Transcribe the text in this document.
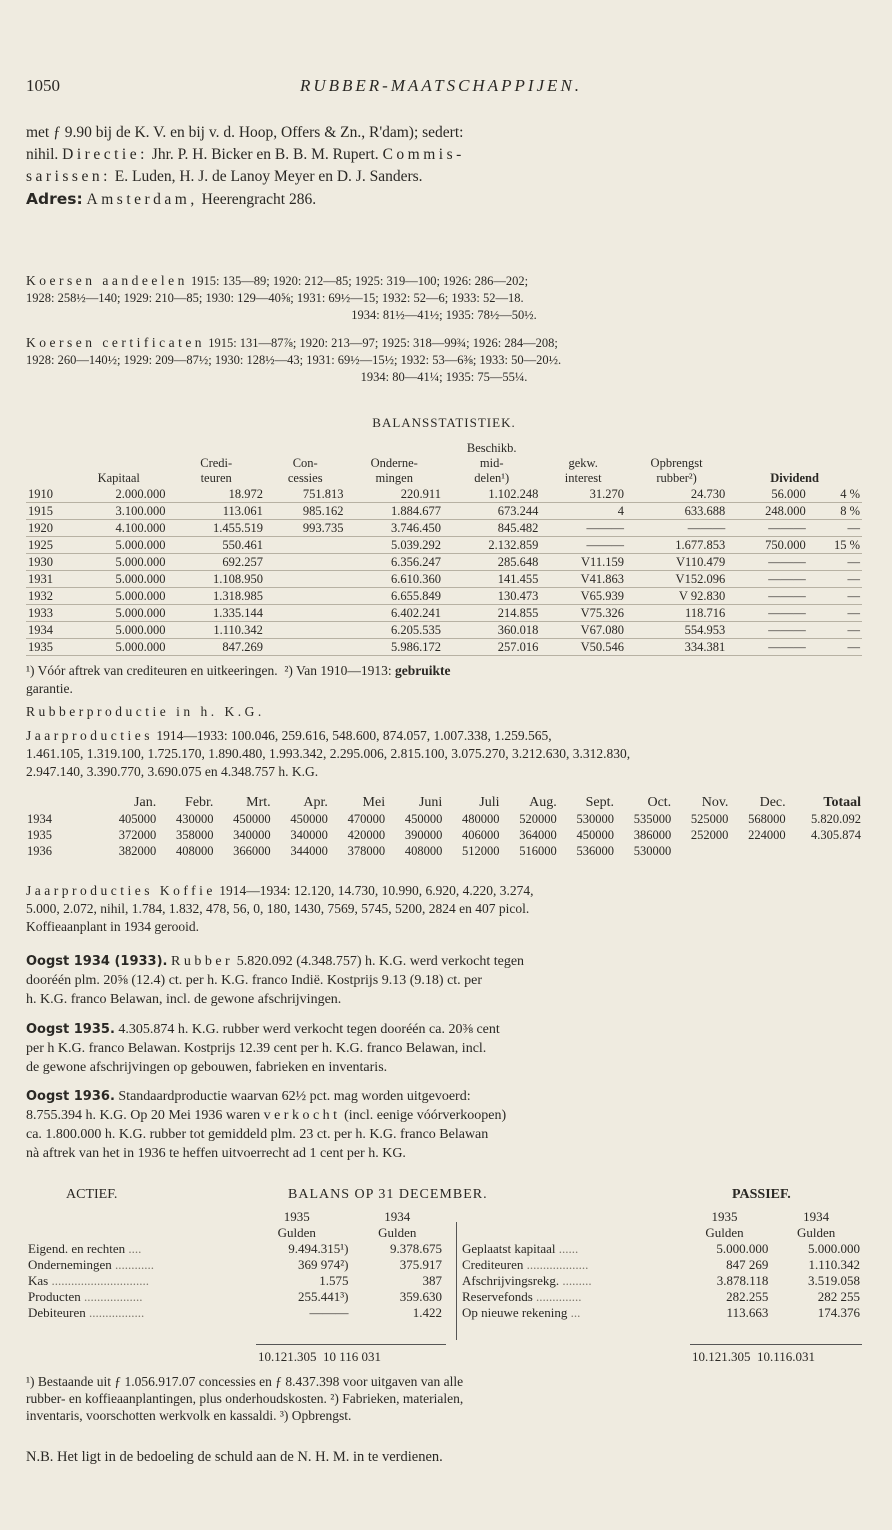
1050	RUBBER-MAATSCHAPPIJEN.

met ƒ 9.90 bij de K. V. en bij v. d. Hoop, Offers & Zn., R'dam); sedert:

nihil. Directie: Jhr. P. H. Bicker en B. B. M. Rupert. Commis-

sarissen: E. Luden, H. J. de Lanoy Meyer en D. J. Sanders.

Adres: Amsterdam, Heerengracht 286.

Koersen aandeelen 1915: 135—89; 1920: 212—85; 1925: 319—100; 1926: 286—202;

1928: 258½—140; 1929: 210—85; 1930: 129—40⅝; 1931: 69½—15; 1932: 52—6; 1933: 52—18.

1934: 81½—41½; 1935: 78½—50½.

Koersen certificaten 1915: 131—87⅞; 1920: 213—97; 1925: 318—99¾; 1926: 284—208;

1928: 260—140½; 1929: 209—87½; 1930: 128½—43; 1931: 69½—15½; 1932: 53—6⅜; 1933: 50—20½.

1934: 80—41¼; 1935: 75—55¼.

BALANSSTATISTIEK.
					Beschikb.				
		Credi-	Con-	Onderne-	mid-	gekw.	Opbrengst		
	Kapitaal	teuren	cessies	mingen	delen¹)	interest	rubber²)	Dividend	
1910	2.000.000	18.972	751.813	220.911	1.102.248	31.270	24.730	56.000	4 %
1915	3.100.000	113.061	985.162	1.884.677	673.244	4	633.688	248.000	8 %
1920	4.100.000	1.455.519	993.735	3.746.450	845.482	———	———	———	—
1925	5.000.000	550.461		5.039.292	2.132.859	———	1.677.853	750.000	15 %
1930	5.000.000	692.257		6.356.247	285.648	V11.159	V110.479	———	—
1931	5.000.000	1.108.950		6.610.360	141.455	V41.863	V152.096	———	—
1932	5.000.000	1.318.985		6.655.849	130.473	V65.939	V 92.830	———	—
1933	5.000.000	1.335.144		6.402.241	214.855	V75.326	118.716	———	—
1934	5.000.000	1.110.342		6.205.535	360.018	V67.080	554.953	———	—
1935	5.000.000	847.269		5.986.172	257.016	V50.546	334.381	———	—
¹) Vóór aftrek van crediteuren en uitkeeringen. ²) Van 1910—1913: gebruikte
garantie.

Rubberproductie in h. K.G.

Jaarproducties 1914—1933: 100.046, 259.616, 548.600, 874.057, 1.007.338, 1.259.565,

1.461.105, 1.319.100, 1.725.170, 1.890.480, 1.993.342, 2.295.006, 2.815.100, 3.075.270, 3.212.630, 3.312.830,

2.947.140, 3.390.770, 3.690.075 en 4.348.757 h. K.G.

	Jan.	Febr.	Mrt.	Apr.	Mei	Juni	Juli	Aug.	Sept.	Oct.	Nov.	Dec.	Totaal
1934	405000	430000	450000	450000	470000	450000	480000	520000	530000	535000	525000	568000	5.820.092
1935	372000	358000	340000	340000	420000	390000	406000	364000	450000	386000	252000	224000	4.305.874
1936	382000	408000	366000	344000	378000	408000	512000	516000	536000	530000			

Jaarproducties Koffie 1914—1934: 12.120, 14.730, 10.990, 6.920, 4.220, 3.274,

5.000, 2.072, nihil, 1.784, 1.832, 478, 56, 0, 180, 1430, 7569, 5745, 5200, 2824 en 407 picol.

Koffieaanplant in 1934 gerooid.

Oogst 1934 (1933). Rubber 5.820.092 (4.348.757) h. K.G. werd verkocht tegen

dooréén plm. 20⅝ (12.4) ct. per h. K.G. franco Indië. Kostprijs 9.13 (9.18) ct. per

h. K.G. franco Belawan, incl. de gewone afschrijvingen.

Oogst 1935. 4.305.874 h. K.G. rubber werd verkocht tegen dooréén ca. 20⅜ cent

per h K.G. franco Belawan. Kostprijs 12.39 cent per h. K.G. franco Belawan, incl.

de gewone afschrijvingen op gebouwen, fabrieken en inventaris.

Oogst 1936. Standaardproductie waarvan 62½ pct. mag worden uitgevoerd:

8.755.394 h. K.G. Op 20 Mei 1936 waren verkocht (incl. eenige vóórverkoopen)

ca. 1.800.000 h. K.G. rubber tot gemiddeld plm. 23 ct. per h. K.G. franco Belawan

nà aftrek van het in 1936 te heffen uitvoerrecht ad 1 cent per h. KG.

ACTIEF.	BALANS OP 31 DECEMBER.	PASSIEF.
	1935	1934
	Gulden	Gulden
Eigend. en rechten ....	9.494.315¹)	9.378.675
Ondernemingen ............	369 974²)	375.917
Kas ..............................	1.575	387
Producten ..................	255.441³)	359.630
Debiteuren .................	———	1.422
	1935	1934
	Gulden	Gulden
Geplaatst kapitaal ......	5.000.000	5.000.000
Crediteuren ...................	847 269	1.110.342
Afschrijvingsrekg. .........	3.878.118	3.519.058
Reservefonds ..............	282.255	282 255
Op nieuwe rekening ...	113.663	174.376
10.121.305 10 116 031	10.121.305 10.116.031

¹) Bestaande uit ƒ 1.056.917.07 concessies en ƒ 8.437.398 voor uitgaven van alle

rubber- en koffieaanplantingen, plus onderhoudskosten. ²) Fabrieken, materialen,

inventaris, voorschotten werkvolk en kassaldi. ³) Opbrengst.

N.B. Het ligt in de bedoeling de schuld aan de N. H. M. in te verdienen.
